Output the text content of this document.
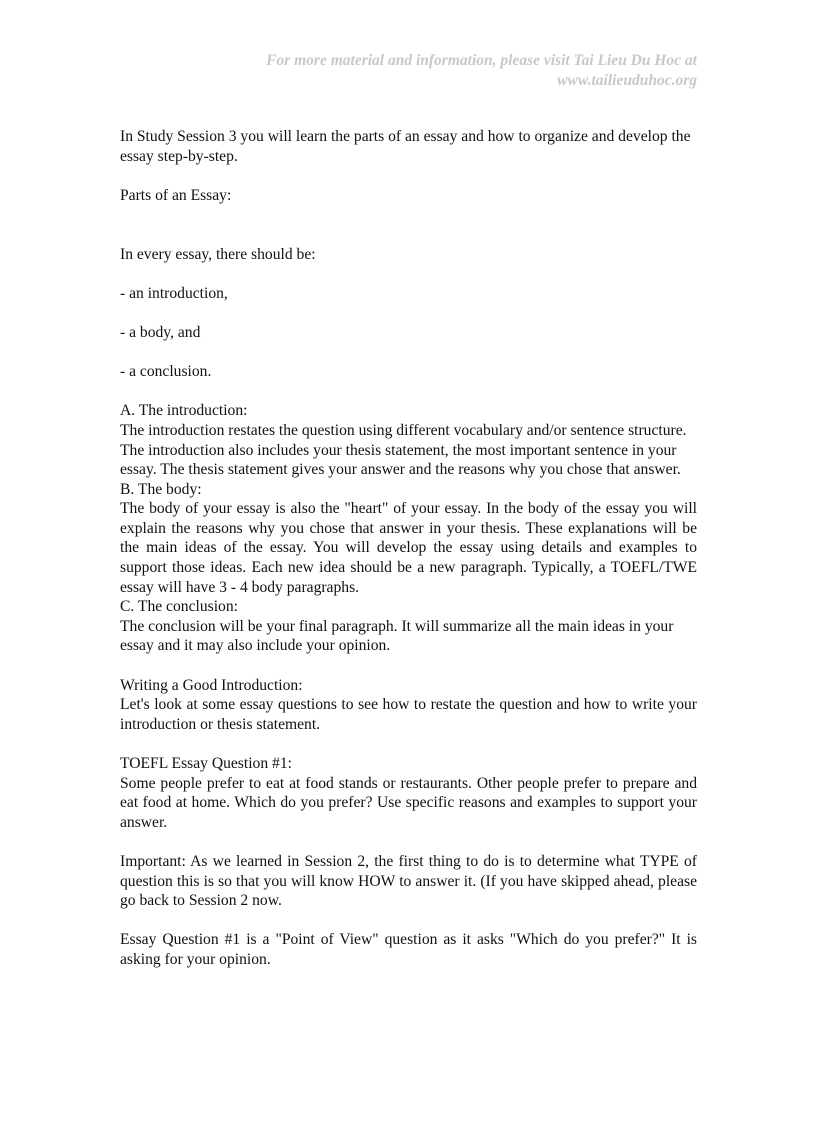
For more material and information, please visit Tai Lieu Du Hoc at
www.tailieuduhoc.org

In Study Session 3 you will learn the parts of an essay and how to organize and develop the essay step-by-step.

Parts of an Essay:

In every essay, there should be:

- an introduction,

- a body, and

- a conclusion.

A. The introduction:

The introduction restates the question using different vocabulary and/or sentence structure. The introduction also includes your thesis statement, the most important sentence in your essay. The thesis statement gives your answer and the reasons why you chose that answer.

B. The body:

The body of your essay is also the "heart" of your essay. In the body of the essay you will explain the reasons why you chose that answer in your thesis. These explanations will be the main ideas of the essay. You will develop the essay using details and examples to support those ideas. Each new idea should be a new paragraph. Typically, a TOEFL/TWE essay will have 3 - 4 body paragraphs.

C. The conclusion:

The conclusion will be your final paragraph. It will summarize all the main ideas in your essay and it may also include your opinion.

Writing a Good Introduction:

Let's look at some essay questions to see how to restate the question and how to write your introduction or thesis statement.

TOEFL Essay Question #1:

Some people prefer to eat at food stands or restaurants. Other people prefer to prepare and eat food at home. Which do you prefer? Use specific reasons and examples to support your answer.

Important: As we learned in Session 2, the first thing to do is to determine what TYPE of question this is so that you will know HOW to answer it. (If you have skipped ahead, please go back to Session 2 now.

Essay Question #1 is a "Point of View" question as it asks "Which do you prefer?" It is asking for your opinion.
